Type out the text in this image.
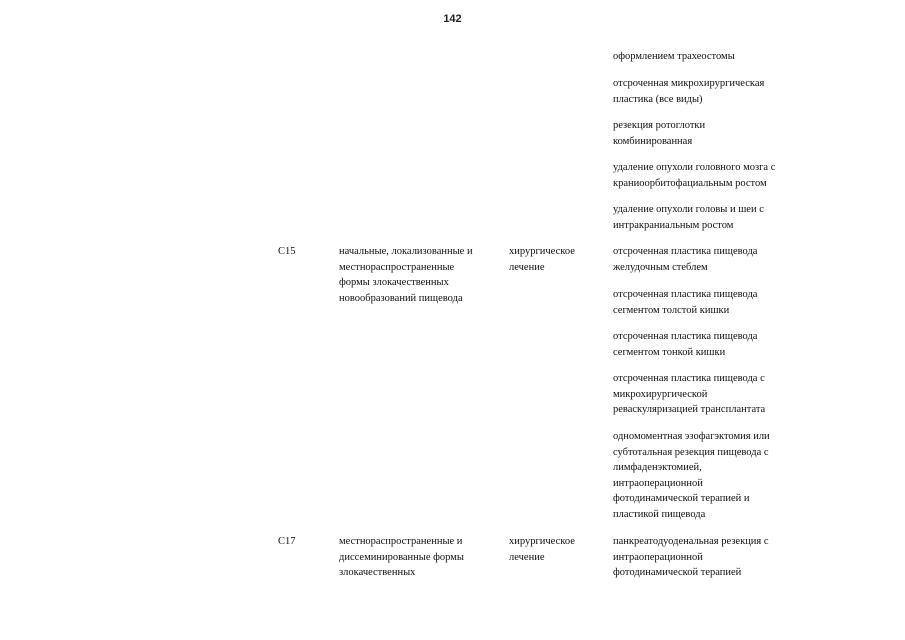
142
оформлением трахеостомы
отсроченная микрохирургическая
пластика (все виды)
резекция ротоглотки
комбинированная
удаление опухоли головного мозга с
краниоорбитофациальным ростом
удаление опухоли головы и шеи с
интракраниальным ростом
C15	начальные, локализованные и
местнораспространенные
формы злокачественных
новообразований пищевода
хирургическое
лечение
отсроченная пластика пищевода
желудочным стеблем
отсроченная пластика пищевода
сегментом толстой кишки
отсроченная пластика пищевода
сегментом тонкой кишки
отсроченная пластика пищевода с
микрохирургической
реваскуляризацией трансплантата
одномоментная эзофагэктомия или
субтотальная резекция пищевода с
лимфаденэктомией,
интраоперационной
фотодинамической терапией и
пластикой пищевода
C17	местнораспространенные и
диссеминированные формы
злокачественных
хирургическое
лечение
панкреатодуоденальная резекция с
интраоперационной
фотодинамической терапией
